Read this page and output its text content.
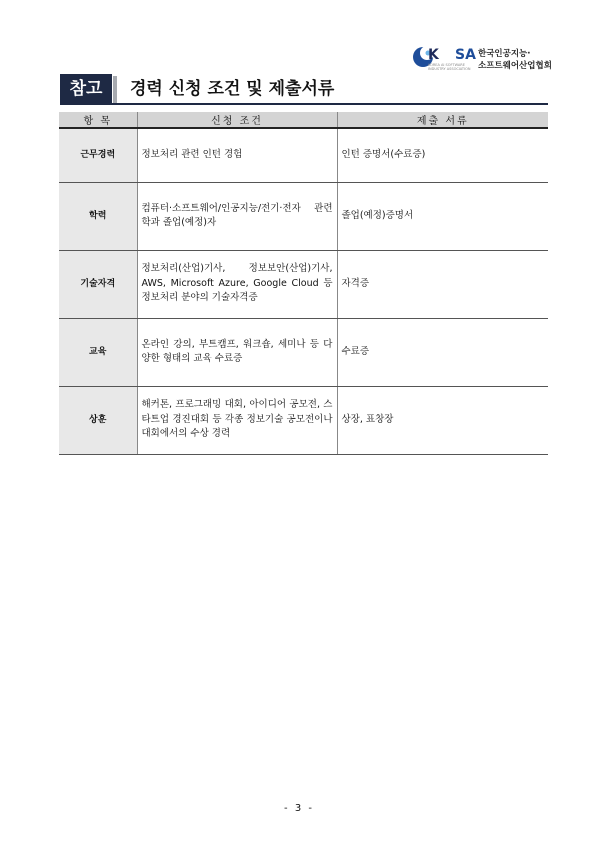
K SA
KOREA AI SOFTWARE INDUSTRY ASSOCIATION
한국인공지능·
소프트웨어산업협회
참고	경력 신청 조건 및 제출서류
항 목	신청 조건	제출 서류
근무경력	정보처리 관련 인턴 경험	인턴 증명서(수료증)
학력	컴퓨터·소프트웨어/인공지능/전기·전자 관련 학과 졸업(예정)자	졸업(예정)증명서
기술자격	정보처리(산업)기사, 정보보안(산업)기사, AWS, Microsoft Azure, Google Cloud 등 정보처리 분야의 기술자격증	자격증
교육	온라인 강의, 부트캠프, 워크숍, 세미나 등 다양한 형태의 교육 수료증	수료증
상훈	해커톤, 프로그래밍 대회, 아이디어 공모전, 스타트업 경진대회 등 각종 정보기술 공모전이나 대회에서의 수상 경력	상장, 표창장
- 3 -
